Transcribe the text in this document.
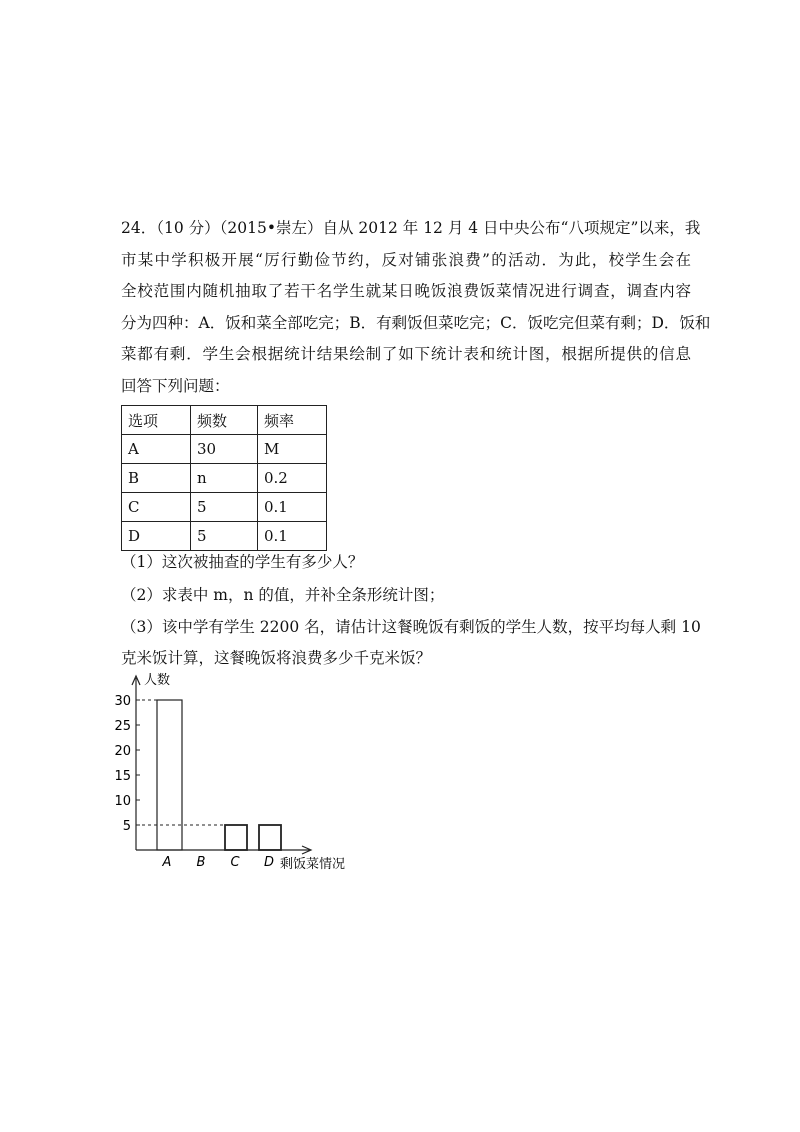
24．（10 分）（2015•崇左）自从 2012 年 12 月 4 日中央公布“八项规定”以来，我
市某中学积极开展“厉行勤俭节约，反对铺张浪费”的活动．为此，校学生会在
全校范围内随机抽取了若干名学生就某日晚饭浪费饭菜情况进行调查，调查内容
分为四种：A．饭和菜全部吃完；B．有剩饭但菜吃完；C．饭吃完但菜有剩；D．饭和
菜都有剩．学生会根据统计结果绘制了如下统计表和统计图，根据所提供的信息
回答下列问题：
选项	频数	频率
A	30	M
B	n	0.2
C	5	0.1
D	5	0.1
（1）这次被抽查的学生有多少人？
（2）求表中 m，n 的值，并补全条形统计图；
（3）该中学有学生 2200 名，请估计这餐晚饭有剩饭的学生人数，按平均每人剩 10
克米饭计算，这餐晚饭将浪费多少千克米饭？
人数
剩饭菜情况
5
10
15
20
25
30
A B C D
